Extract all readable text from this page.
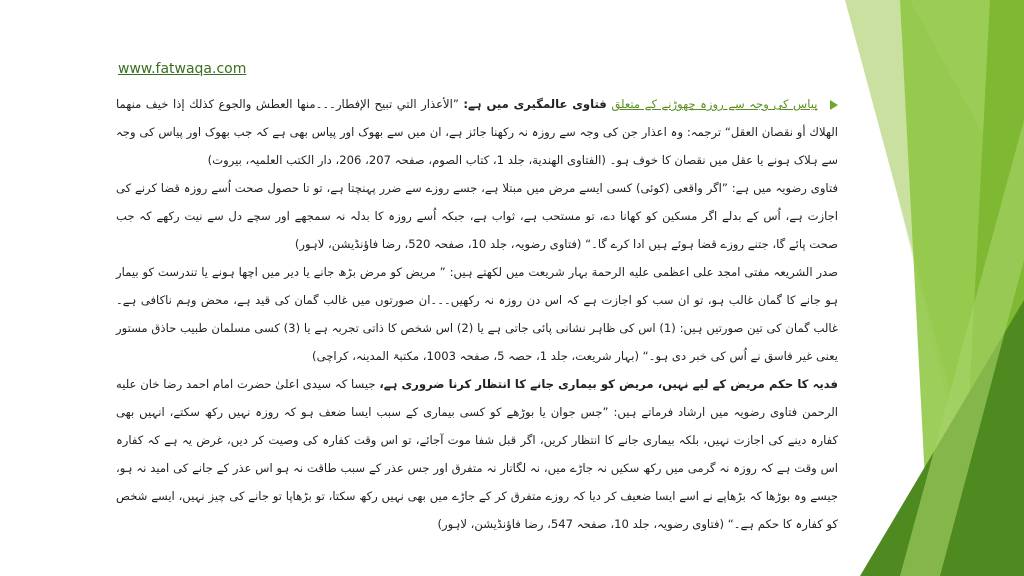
www.fatwaqa.com

پیاس کی وجہ سے روزہ چھوڑنے کے متعلق فتاوی عالمگیری میں ہے: ”الأعذار التي تبيح الإفطار۔۔۔منها العطش والجوع كذلك إذا خيف منهما الهلاك أو نقصان العقل“ ترجمہ: وہ اعذار جن کی وجہ سے روزہ نہ رکھنا جائز ہے، ان میں سے بھوک اور پیاس بھی ہے کہ جب بھوک اور پیاس کی وجہ سے ہلاک ہونے یا عقل میں نقصان کا خوف ہو۔ (الفتاوی الهندية، جلد 1، کتاب الصوم، صفحہ 207، 206، دار الکتب العلمیہ، بیروت)

فتاوی رضویہ میں ہے: ”اگر واقعی (کوئی) کسی ایسے مرض میں مبتلا ہے، جسے روزے سے ضرر پہنچتا ہے، تو تا حصول صحت اُسے روزہ قضا کرنے کی اجازت ہے، اُس کے بدلے اگر مسکین کو کھانا دے، تو مستحب ہے، ثواب ہے، جبکہ اُسے روزہ کا بدلہ نہ سمجھے اور سچے دل سے نیت رکھے کہ جب صحت پائے گا، جتنے روزے قضا ہوئے ہیں ادا کرے گا۔“ (فتاوی رضویہ، جلد 10، صفحہ 520، رضا فاؤنڈیشن، لاہور)

صدر الشریعہ مفتی امجد علی اعظمی علیه الرحمة بہار شریعت میں لکھتے ہیں: ” مریض کو مرض بڑھ جانے یا دیر میں اچھا ہونے یا تندرست کو بیمار ہو جانے کا گمان غالب ہو، تو ان سب کو اجازت ہے کہ اس دن روزہ نہ رکھیں۔۔۔ان صورتوں میں غالب گمان کی قید ہے، محض وہم ناکافی ہے۔ غالب گمان کی تین صورتیں ہیں: (1) اس کی ظاہر نشانی پائی جاتی ہے یا (2) اس شخص کا ذاتی تجربہ ہے یا (3) کسی مسلمان طبیب حاذق مستور یعنی غیر فاسق نے اُس کی خبر دی ہو۔“ (بہار شریعت، جلد 1، حصہ 5، صفحہ 1003، مکتبۃ المدینہ، کراچی)

فدیہ کا حکم مریض کے لیے نہیں، مریض کو بیماری جانے کا انتظار کرنا ضروری ہے، جیسا کہ سیدی اعلیٰ حضرت امام احمد رضا خان علیه الرحمن فتاوی رضویہ میں ارشاد فرماتے ہیں: ”جس جوان یا بوڑھے کو کسی بیماری کے سبب ایسا ضعف ہو کہ روزہ نہیں رکھ سکتے، انہیں بھی کفارہ دینے کی اجازت نہیں، بلکہ بیماری جانے کا انتظار کریں، اگر قبل شفا موت آجائے، تو اس وقت کفارہ کی وصیت کر دیں، غرض یہ ہے کہ کفارہ اس وقت ہے کہ روزہ نہ گرمی میں رکھ سکیں نہ جاڑے میں، نہ لگاتار نہ متفرق اور جس عذر کے سبب طاقت نہ ہو اس عذر کے جانے کی امید نہ ہو، جیسے وہ بوڑھا کہ بڑھاپے نے اسے ایسا ضعیف کر دیا کہ روزے متفرق کر کے جاڑے میں بھی نہیں رکھ سکتا، تو بڑھاپا تو جانے کی چیز نہیں، ایسے شخص کو کفارہ کا حکم ہے۔“ (فتاوی رضویہ، جلد 10، صفحہ 547، رضا فاؤنڈیشن، لاہور)
